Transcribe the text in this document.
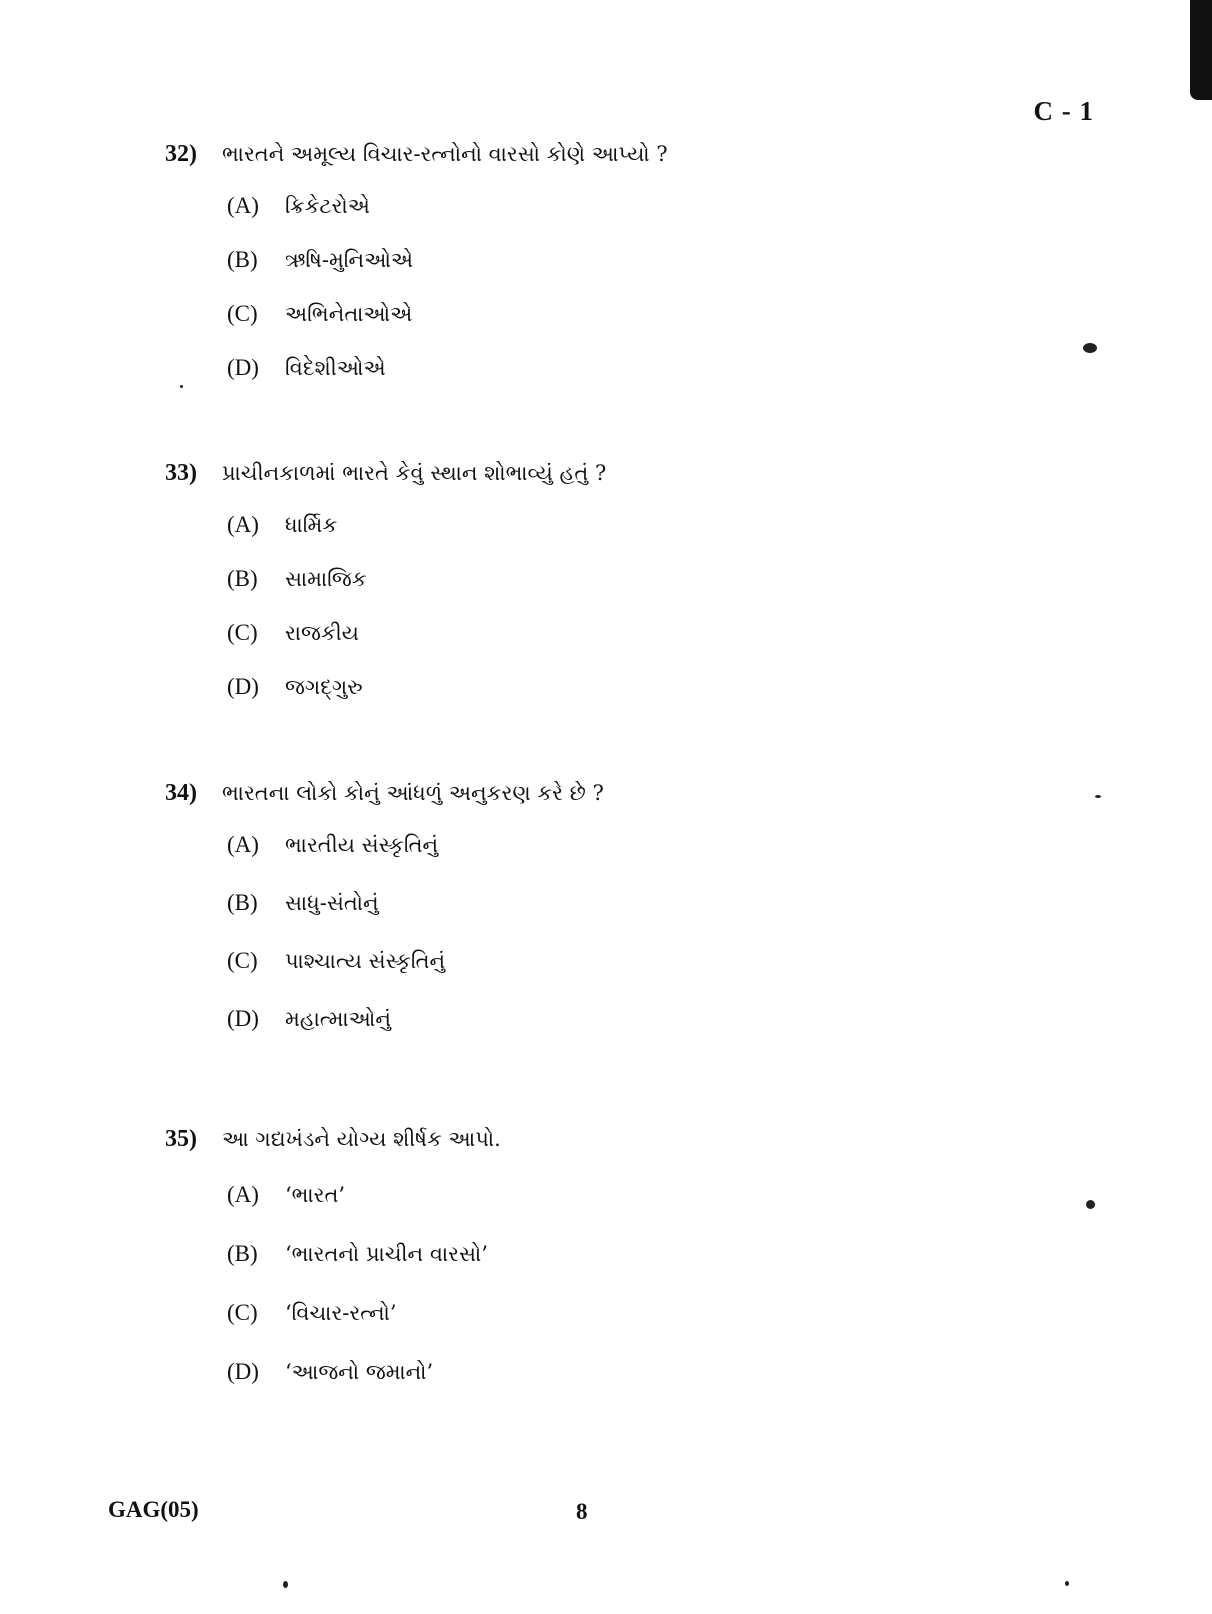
C - 1
32)	ભારતને અમૂલ્ય વિચાર-રત્નોનો વારસો કોણે આપ્યો ?
(A)	ક્રિકેટરોએ
(B)	ઋષિ-મુનિઓએ
(C)	અભિનેતાઓએ
(D)	વિદેશીઓએ
33)	પ્રાચીનકાળમાં ભારતે કેવું સ્થાન શોભાવ્યું હતું ?
(A)	ધાર્મિક
(B)	સામાજિક
(C)	રાજકીય
(D)	જગદ્ગુરુ
34)	ભારતના લોકો કોનું આંધળું અનુકરણ કરે છે ?
(A)	ભારતીય સંસ્કૃતિનું
(B)	સાધુ-સંતોનું
(C)	પાશ્ચાત્ય સંસ્કૃતિનું
(D)	મહાત્માઓનું
35)	આ ગદ્યખંડને યોગ્ય શીર્ષક આપો.
(A)	‘ભારત’
(B)	‘ભારતનો પ્રાચીન વારસો’
(C)	‘વિચાર-રત્નો’
(D)	‘આજનો જમાનો’
GAG(05)	8
